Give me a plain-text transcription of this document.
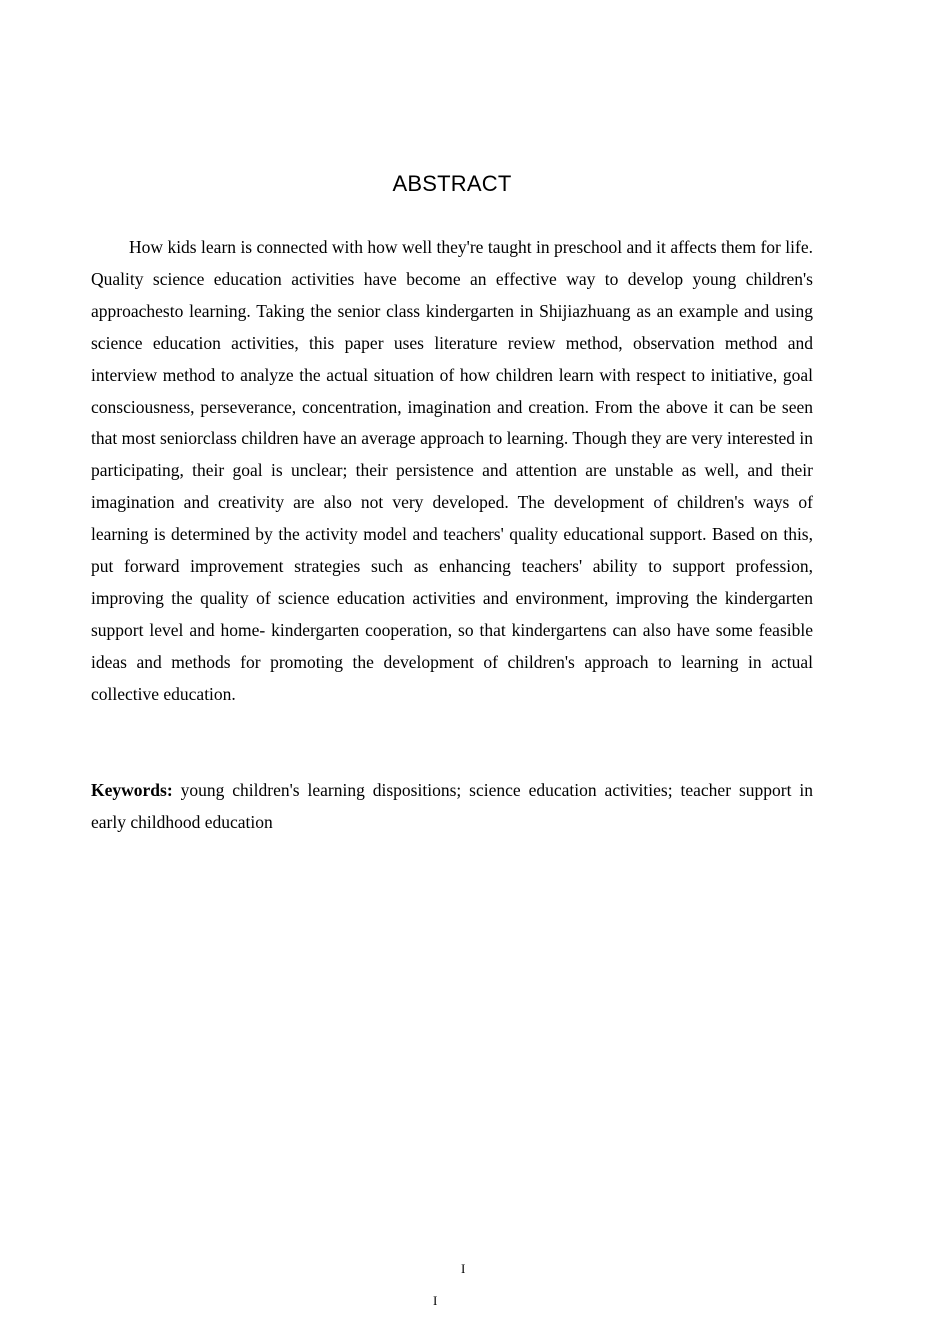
ABSTRACT

How kids learn is connected with how well they're taught in preschool and it affects them for life. Quality science education activities have become an effective way to develop young children's approachesto learning. Taking the senior class kindergarten in Shijiazhuang as an example and using science education activities, this paper uses literature review method, observation method and interview method to analyze the actual situation of how children learn with respect to initiative, goal consciousness, perseverance, concentration, imagination and creation. From the above it can be seen that most seniorclass children have an average approach to learning. Though they are very interested in participating, their goal is unclear; their persistence and attention are unstable as well, and their imagination and creativity are also not very developed. The development of children's ways of learning is determined by the activity model and teachers' quality educational support. Based on this, put forward improvement strategies such as enhancing teachers' ability to support profession, improving the quality of science education activities and environment, improving the kindergarten support level and home- kindergarten cooperation, so that kindergartens can also have some feasible ideas and methods for promoting the development of children's approach to learning in actual collective education.

Keywords: young children's learning dispositions; science education activities; teacher support in early childhood education

I
I
